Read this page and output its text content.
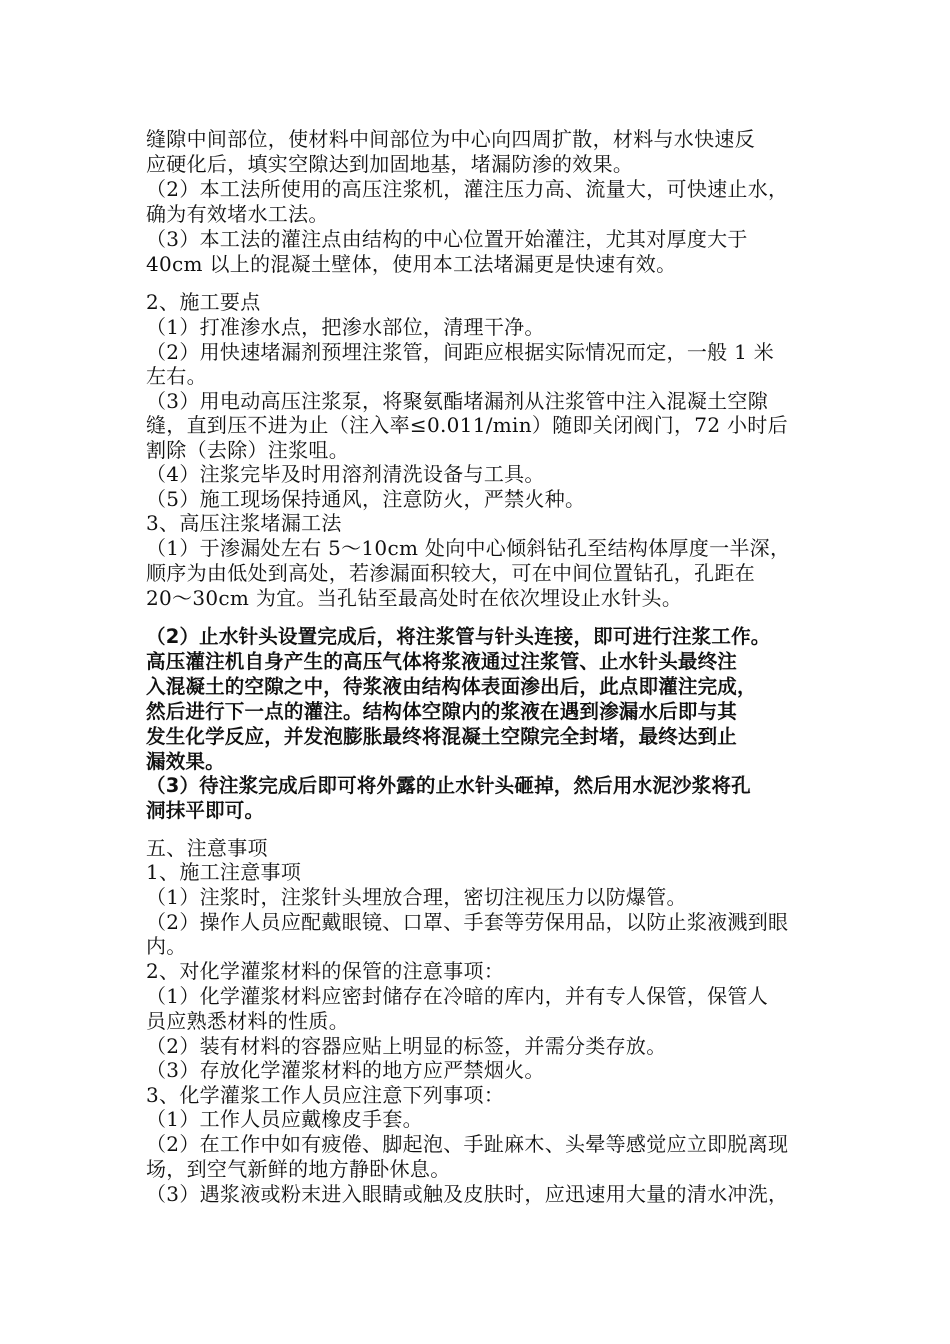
缝隙中间部位，使材料中间部位为中心向四周扩散，材料与水快速反
应硬化后，填实空隙达到加固地基，堵漏防渗的效果。
（2）本工法所使用的高压注浆机，灌注压力高、流量大，可快速止水，
确为有效堵水工法。
（3）本工法的灌注点由结构的中心位置开始灌注，尤其对厚度大于
40cm 以上的混凝土壁体，使用本工法堵漏更是快速有效。
2、施工要点
（1）打准渗水点，把渗水部位，清理干净。
（2）用快速堵漏剂预埋注浆管，间距应根据实际情况而定，一般 1 米
左右。
（3）用电动高压注浆泵，将聚氨酯堵漏剂从注浆管中注入混凝土空隙
缝，直到压不进为止（注入率≤0.011/min）随即关闭阀门，72 小时后
割除（去除）注浆咀。
（4）注浆完毕及时用溶剂清洗设备与工具。
（5）施工现场保持通风，注意防火，严禁火种。
3、高压注浆堵漏工法
（1）于渗漏处左右 5～10cm 处向中心倾斜钻孔至结构体厚度一半深，
顺序为由低处到高处，若渗漏面积较大，可在中间位置钻孔，孔距在
20～30cm 为宜。当孔钻至最高处时在依次埋设止水针头。
（2）止水针头设置完成后，将注浆管与针头连接，即可进行注浆工作。
高压灌注机自身产生的高压气体将浆液通过注浆管、止水针头最终注
入混凝土的空隙之中，待浆液由结构体表面渗出后，此点即灌注完成，
然后进行下一点的灌注。结构体空隙内的浆液在遇到渗漏水后即与其
发生化学反应，并发泡膨胀最终将混凝土空隙完全封堵，最终达到止
漏效果。
（3）待注浆完成后即可将外露的止水针头砸掉，然后用水泥沙浆将孔
洞抹平即可。
五、注意事项
1、施工注意事项
（1）注浆时，注浆针头埋放合理，密切注视压力以防爆管。
（2）操作人员应配戴眼镜、口罩、手套等劳保用品，以防止浆液溅到眼
内。
2、对化学灌浆材料的保管的注意事项：
（1）化学灌浆材料应密封储存在冷暗的库内，并有专人保管，保管人
员应熟悉材料的性质。
（2）装有材料的容器应贴上明显的标签，并需分类存放。
（3）存放化学灌浆材料的地方应严禁烟火。
3、化学灌浆工作人员应注意下列事项：
（1）工作人员应戴橡皮手套。
（2）在工作中如有疲倦、脚起泡、手趾麻木、头晕等感觉应立即脱离现
场，到空气新鲜的地方静卧休息。
（3）遇浆液或粉末进入眼睛或触及皮肤时，应迅速用大量的清水冲洗，
